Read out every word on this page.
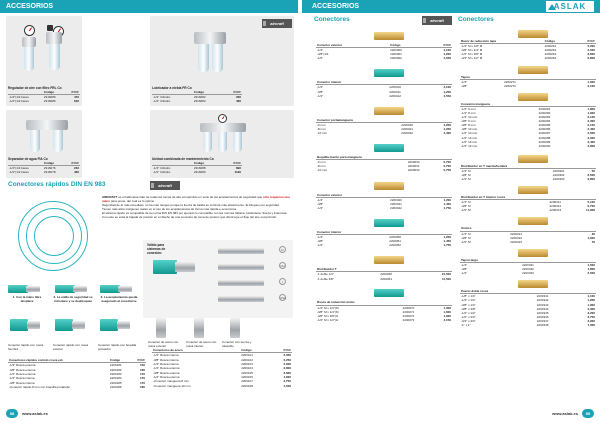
ACCESORIOS
Regulador de aire con filtro FRL Co
	Código	P.V.P.
-1/4"(1/4 bares	2316080	47€
-1/2"(1/2 bares	2316086	64€
aircraft
Lubricador a niebla FR Co
	Código	P.V.P.
-1/4" Cilindro	2316082	35€
-1/2" Cilindro	2316083	46€
Separador de agua FIA Co
	Código	P.V.P.
-1/4"(1/4 bares	2316076	24€
-1/2"(1/2 bares	2316078	46€
Unidad combinada de mantenimiento Co
	Código	P.V.P.
-1/4" Cilindro	2316088	89€
-1/2" Cilindro	2316089	119€
Conectores rápidos DIN EN 983	aircraft

AIRCRAFT es el fabricante líder de todas las tomas de aire comprimido en serie de los acoplamientos de seguridad que sólo requieren una mano para poner, del cual es lo óptimo.

Seguridad de al más inmediato: no ha más riesgos porque la fuerza de salida se controla más eficazmente. El bloqueo por seguridad.

Tienen más altos márgenes reales en el uso de los acoplamientos de forma más rápida e económica.

El sistema rápido es compatible de la norma DIN EN 983 por ejemplo lo compatible con las normas Italiana, Holandesa, Sueca y Francesa.

Con este se evita la bajada de presión en el diseño de una conexión de toma de presión que disminuye el flujo del aire comprimido.

Válido para sistemas de conexión:
D
CH
I
USA
1. Con la mano libre desplace
2. La anilla de seguridad se introduce y se desbloquea
3. La acoplamiento queda asegurado al conectarse
Conector rápido con rosca hembra
Conector rápido con rosca exterior
Conector rápido con boquilla portatubo
Conector de acero con rosca exterior
Conector de acero con rosca interior
Conector con tuerca y casquillo
Conectores rápidos con/sin rosca ext.	Código	P.V.P.
-1/4" Rosca externa	2200181	15€
-3/8" Rosca externa	2200182	16€
-1/2" Rosca externa	2200183	17€
-1/4" Rosca interna	2200184	17€
-3/8" Rosca interna	2200185	17€
-Conector rápido 8 mm con boquilla portatubo	2200186	16€
Conectores de acero	Código	P.V.P.
-1/4" Rosca interna	2200101	2,00€
-3/8" Rosca interna	2200102	2,25€
-1/2" Rosca interna	2200103	2,60€
-1/4" Rosca externa	2200104	2,80€
-3/8" Rosca externa	2200105	3,60€
-1/2" Rosca externa	2200106	4,60€
-Conector manguera 8 mm	2200107	2,75€
-Conector manguera 10 mm	2200108	4,50€
58 www.aslak.es
ACCESORIOS	ASLAK
Conectores	aircraft
Conector exterior	Código	P.V.P.
-1/4"	2200000	4,10€
-3/8"(1/4	2200001	4,25€
-1/2"	2200002	4,55€
Conector interior		
-1/4"	2200010	4,10€
-3/8"	2200011	4,25€
-1/2"	2200012	4,55€
Conector portamanguera		
-6 mm	2200020	4,20€
-8 mm	2200021	4,25€
-10 mm	2200022	4,40€
Boquilla macho para manguera		
-6 mm	2200030	0,70€
-8 mm	2200031	0,75€
-10 mm	2200032	0,75€
Conector exterior		
-1/4"	2200040	1,20€
-3/8"	2200041	1,45€
-1/2"	2200042	1,75€
Conector interior		
-1/4"	2200050	1,20€
-3/8"	2200051	1,45€
-1/2"	2200052	1,75€
Distribuidor T		
-1 doble 1/4"	2200060	10,50€
-1 doble 3/8"	2200061	11,50€
Rosca de reducción unión		
-1/4" M x 1/4"(M	2200070	1,30€
-3/8" M x 1/4"(M	2200071	1,60€
-3/8" M x 3/8"(H	2200072	1,90€
-1/2" M x 1/2"(H	2200073	4,15€
Conectores
Racor de reducción tapa	Código	P.V.P.
-1/4" M x 1/8" M	2200261	2,20€
-3/8" M x 1/4" M	2200262	2,50€
-1/2" M x 3/8" M	2200263	3,60€
-3/4" M x 1/2" M	2200264	6,80€
Tapón		
-1/4"	2200271	1,00€
-3/8"	2200272	2,10€
Conexión manguera		
-1/4" 6 mm	2200281	1,80€
-1/4" 8 mm	2200282	1,90€
-1/4" 10 mm	2200283	2,10€
-3/8" 6 mm	2200284	2,30€
-3/8" 8 mm	2200285	2,15€
-3/8" 10 mm	2200286	2,40€
-1/2" 10 mm	2200287	2,50€
-1/2" 13 mm	2200288	3,00€
-1/2" 16 mm	2200289	3,40€
-1/2" 19 mm	2200290	3,90€
Distribuidor en T macho/hembra		
-1/4" M	2200301	5€
-3/8" M	2200302	6,50€
-1/2" M	2200303	9,80€
Distribuidor en T interior rosca		
-1/4" M	2200311	5,10€
-3/8" M	2200312	6,70€
-1/2" M	2200313	11,90€
Unión L		
-1/4" M	2200321	3€
-3/8" M	2200322	4,00€
-1/2" M	2200323	7€
Tapón largo		
-1/4"	2200331	1,50€
-3/8"	2200332	1,80€
-1/2"	2200333	2,50€
Puerto doble rosca		
-1/8" x 1/4"	2200341	1,10€
-1/4" x 1/4"	2200342	1,20€
-3/8" x 1/4"	2200343	1,90€
-3/8" x 3/8"	2200344	2,30€
-1/2" x 1/2"	2200345	3,20€
-1/2" x 3/4"	2200346	3,75€
-3/4" x 3/4"	2200347	3,90€
-1" x 1"	2200348	7,00€
www.aslak.es 59
